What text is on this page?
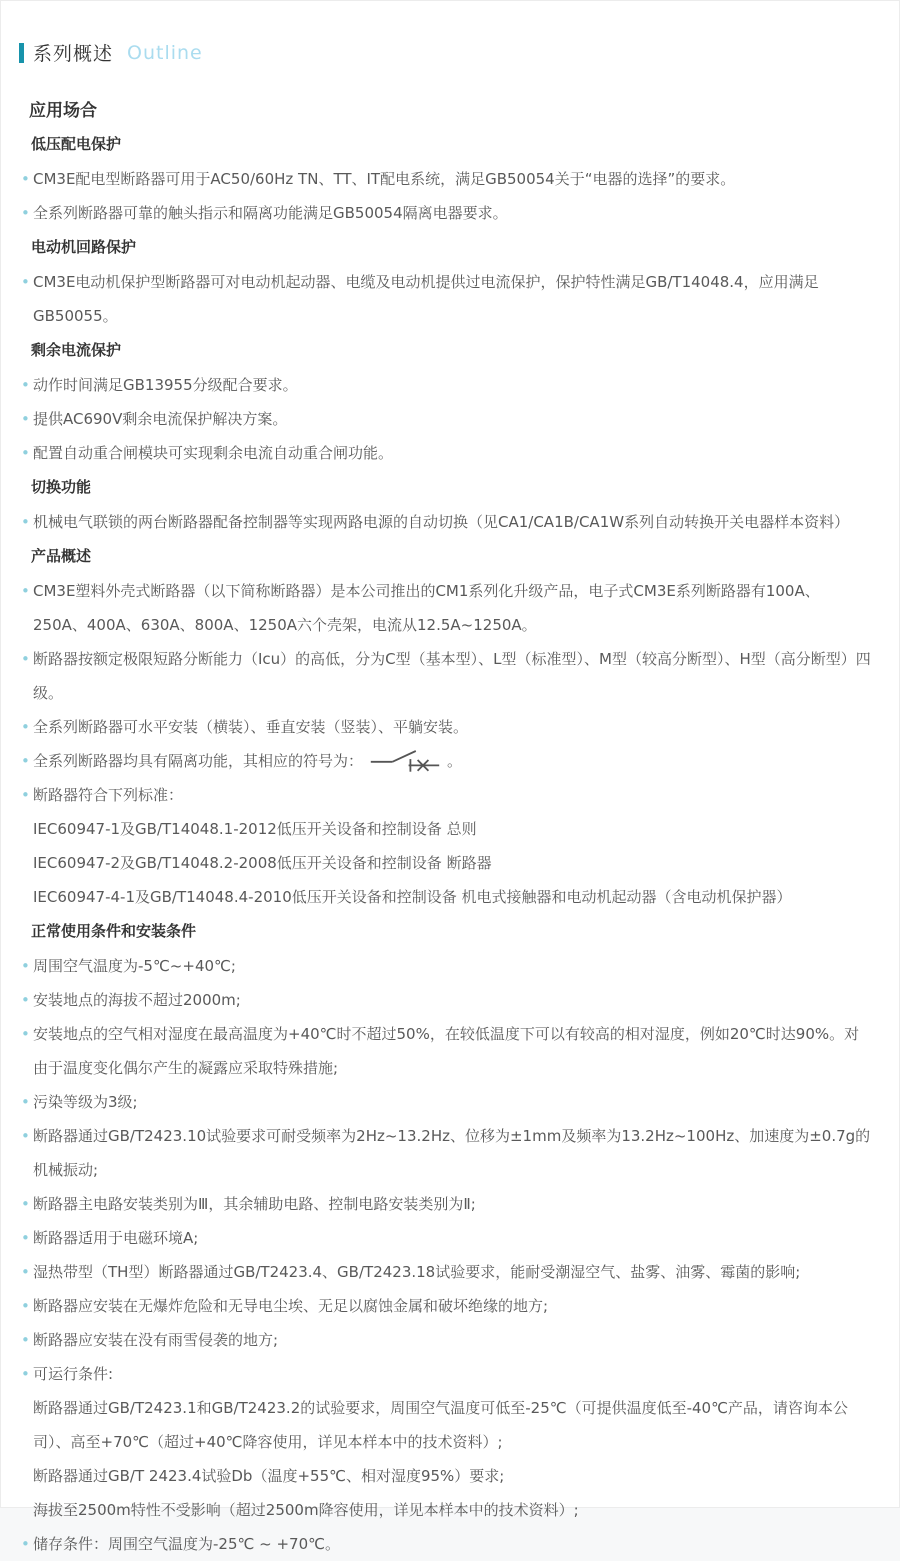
系列概述 Outline
应用场合
低压配电保护
• CM3E配电型断路器可用于AC50/60Hz TN、TT、IT配电系统，满足GB50054关于“电器的选择”的要求。
• 全系列断路器可靠的触头指示和隔离功能满足GB50054隔离电器要求。
电动机回路保护
• CM3E电动机保护型断路器可对电动机起动器、电缆及电动机提供过电流保护，保护特性满足GB/T14048.4，应用满足GB50055。
剩余电流保护
• 动作时间满足GB13955分级配合要求。
• 提供AC690V剩余电流保护解决方案。
• 配置自动重合闸模块可实现剩余电流自动重合闸功能。
切换功能
• 机械电气联锁的两台断路器配备控制器等实现两路电源的自动切换（见CA1/CA1B/CA1W系列自动转换开关电器样本资料）
产品概述
• CM3E塑料外壳式断路器（以下简称断路器）是本公司推出的CM1系列化升级产品，电子式CM3E系列断路器有100A、250A、400A、630A、800A、1250A六个壳架，电流从12.5A~1250A。
• 断路器按额定极限短路分断能力（Icu）的高低，分为C型（基本型）、L型（标准型）、M型（较高分断型）、H型（高分断型）四级。
• 全系列断路器可水平安装（横装）、垂直安装（竖装）、平躺安装。
• 全系列断路器均具有隔离功能，其相应的符号为：	。
• 断路器符合下列标准：
IEC60947-1及GB/T14048.1-2012低压开关设备和控制设备 总则
IEC60947-2及GB/T14048.2-2008低压开关设备和控制设备 断路器
IEC60947-4-1及GB/T14048.4-2010低压开关设备和控制设备 机电式接触器和电动机起动器（含电动机保护器）
正常使用条件和安装条件
• 周围空气温度为-5℃~+40℃;
• 安装地点的海拔不超过2000m;
• 安装地点的空气相对湿度在最高温度为+40℃时不超过50%，在较低温度下可以有较高的相对湿度，例如20℃时达90%。对由于温度变化偶尔产生的凝露应采取特殊措施;
• 污染等级为3级;
• 断路器通过GB/T2423.10试验要求可耐受频率为2Hz~13.2Hz、位移为±1mm及频率为13.2Hz~100Hz、加速度为±0.7g的机械振动;
• 断路器主电路安装类别为Ⅲ，其余辅助电路、控制电路安装类别为Ⅱ;
• 断路器适用于电磁环境A;
• 湿热带型（TH型）断路器通过GB/T2423.4、GB/T2423.18试验要求，能耐受潮湿空气、盐雾、油雾、霉菌的影响;
• 断路器应安装在无爆炸危险和无导电尘埃、无足以腐蚀金属和破坏绝缘的地方;
• 断路器应安装在没有雨雪侵袭的地方;
• 可运行条件:
断路器通过GB/T2423.1和GB/T2423.2的试验要求，周围空气温度可低至-25℃（可提供温度低至-40℃产品，请咨询本公司）、高至+70℃（超过+40℃降容使用，详见本样本中的技术资料）;
断路器通过GB/T 2423.4试验Db（温度+55℃、相对湿度95%）要求;
海拔至2500m特性不受影响（超过2500m降容使用，详见本样本中的技术资料）;
• 储存条件：周围空气温度为-25℃ ~ +70℃。
